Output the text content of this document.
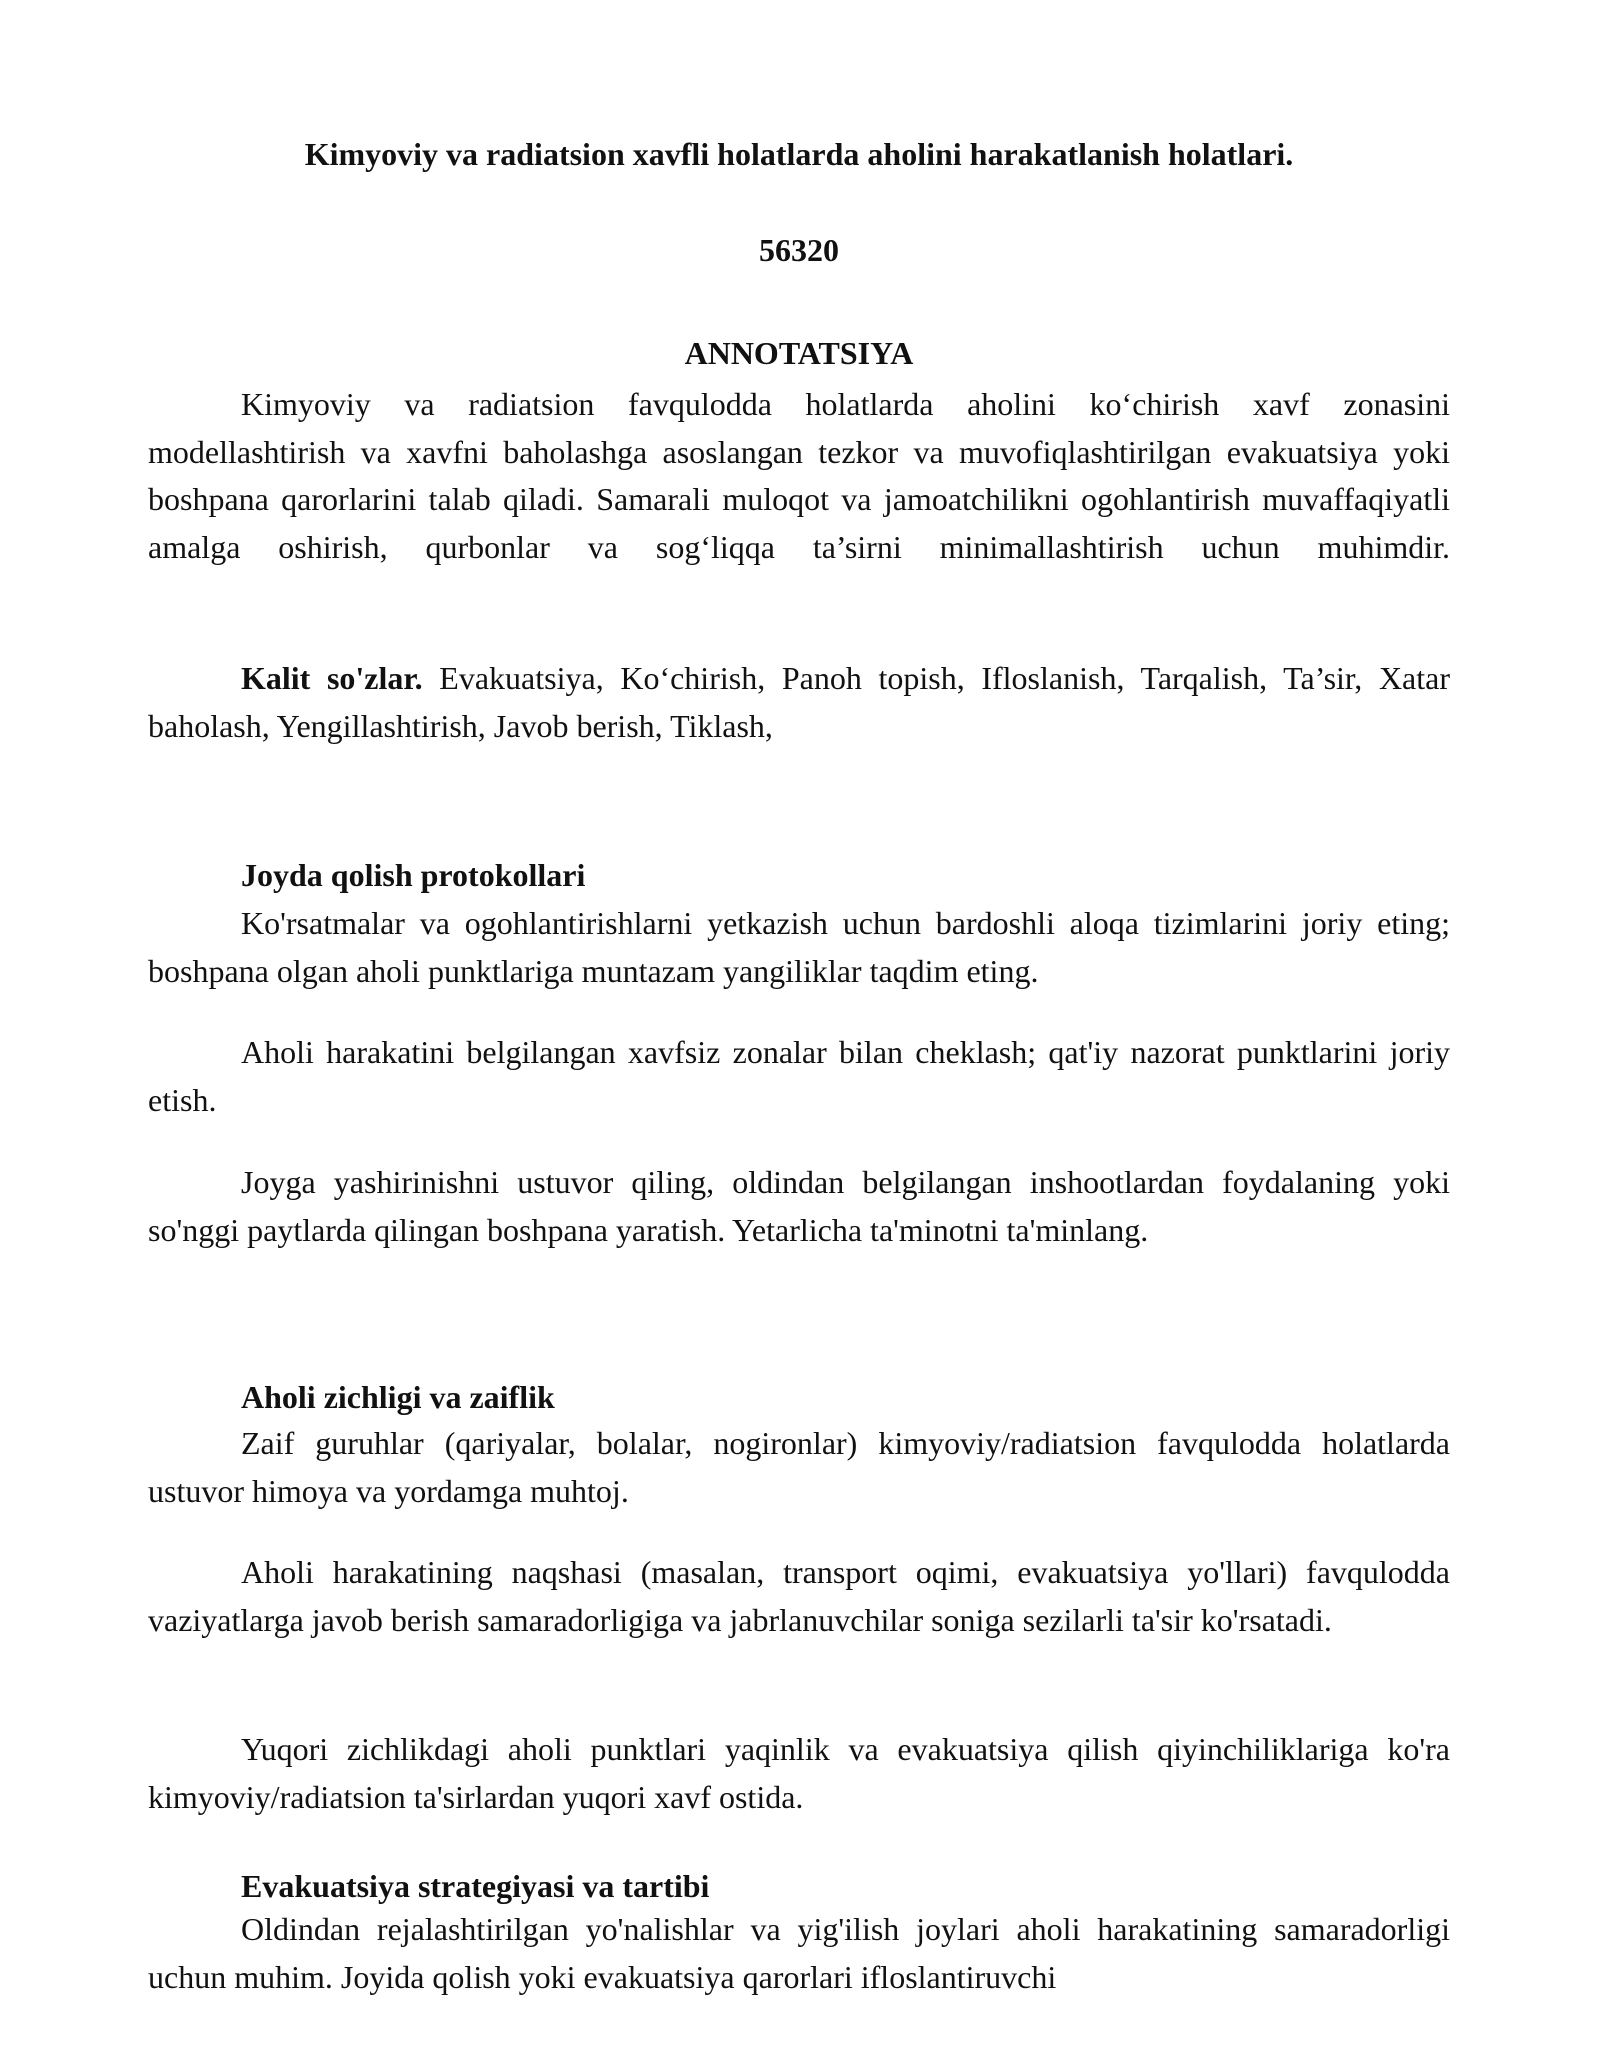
Kimyoviy va radiatsion xavfli holatlarda aholini harakatlanish holatlari.
56320
ANNOTATSIYA

Kimyoviy va radiatsion favqulodda holatlarda aholini ko‘chirish xavf zonasini modellashtirish va xavfni baholashga asoslangan tezkor va muvofiqlashtirilgan evakuatsiya yoki boshpana qarorlarini talab qiladi. Samarali muloqot va jamoatchilikni ogohlantirish muvaffaqiyatli amalga oshirish, qurbonlar va sog‘liqqa ta’sirni minimallashtirish uchun muhimdir.

Kalit so'zlar. Evakuatsiya, Ko‘chirish, Panoh topish, Ifloslanish, Tarqalish, Ta’sir, Xatar baholash, Yengillashtirish, Javob berish, Tiklash,

Joyda qolish protokollari

Ko'rsatmalar va ogohlantirishlarni yetkazish uchun bardoshli aloqa tizimlarini joriy eting; boshpana olgan aholi punktlariga muntazam yangiliklar taqdim eting.

Aholi harakatini belgilangan xavfsiz zonalar bilan cheklash; qat'iy nazorat punktlarini joriy etish.

Joyga yashirinishni ustuvor qiling, oldindan belgilangan inshootlardan foydalaning yoki so'nggi paytlarda qilingan boshpana yaratish. Yetarlicha ta'minotni ta'minlang.

Aholi zichligi va zaiflik

Zaif guruhlar (qariyalar, bolalar, nogironlar) kimyoviy/radiatsion favqulodda holatlarda ustuvor himoya va yordamga muhtoj.

Aholi harakatining naqshasi (masalan, transport oqimi, evakuatsiya yo'llari) favqulodda vaziyatlarga javob berish samaradorligiga va jabrlanuvchilar soniga sezilarli ta'sir ko'rsatadi.

Yuqori zichlikdagi aholi punktlari yaqinlik va evakuatsiya qilish qiyinchiliklariga ko'ra kimyoviy/radiatsion ta'sirlardan yuqori xavf ostida.

Evakuatsiya strategiyasi va tartibi

Oldindan rejalashtirilgan yo'nalishlar va yig'ilish joylari aholi harakatining samaradorligi uchun muhim. Joyida qolish yoki evakuatsiya qarorlari ifloslantiruvchi
